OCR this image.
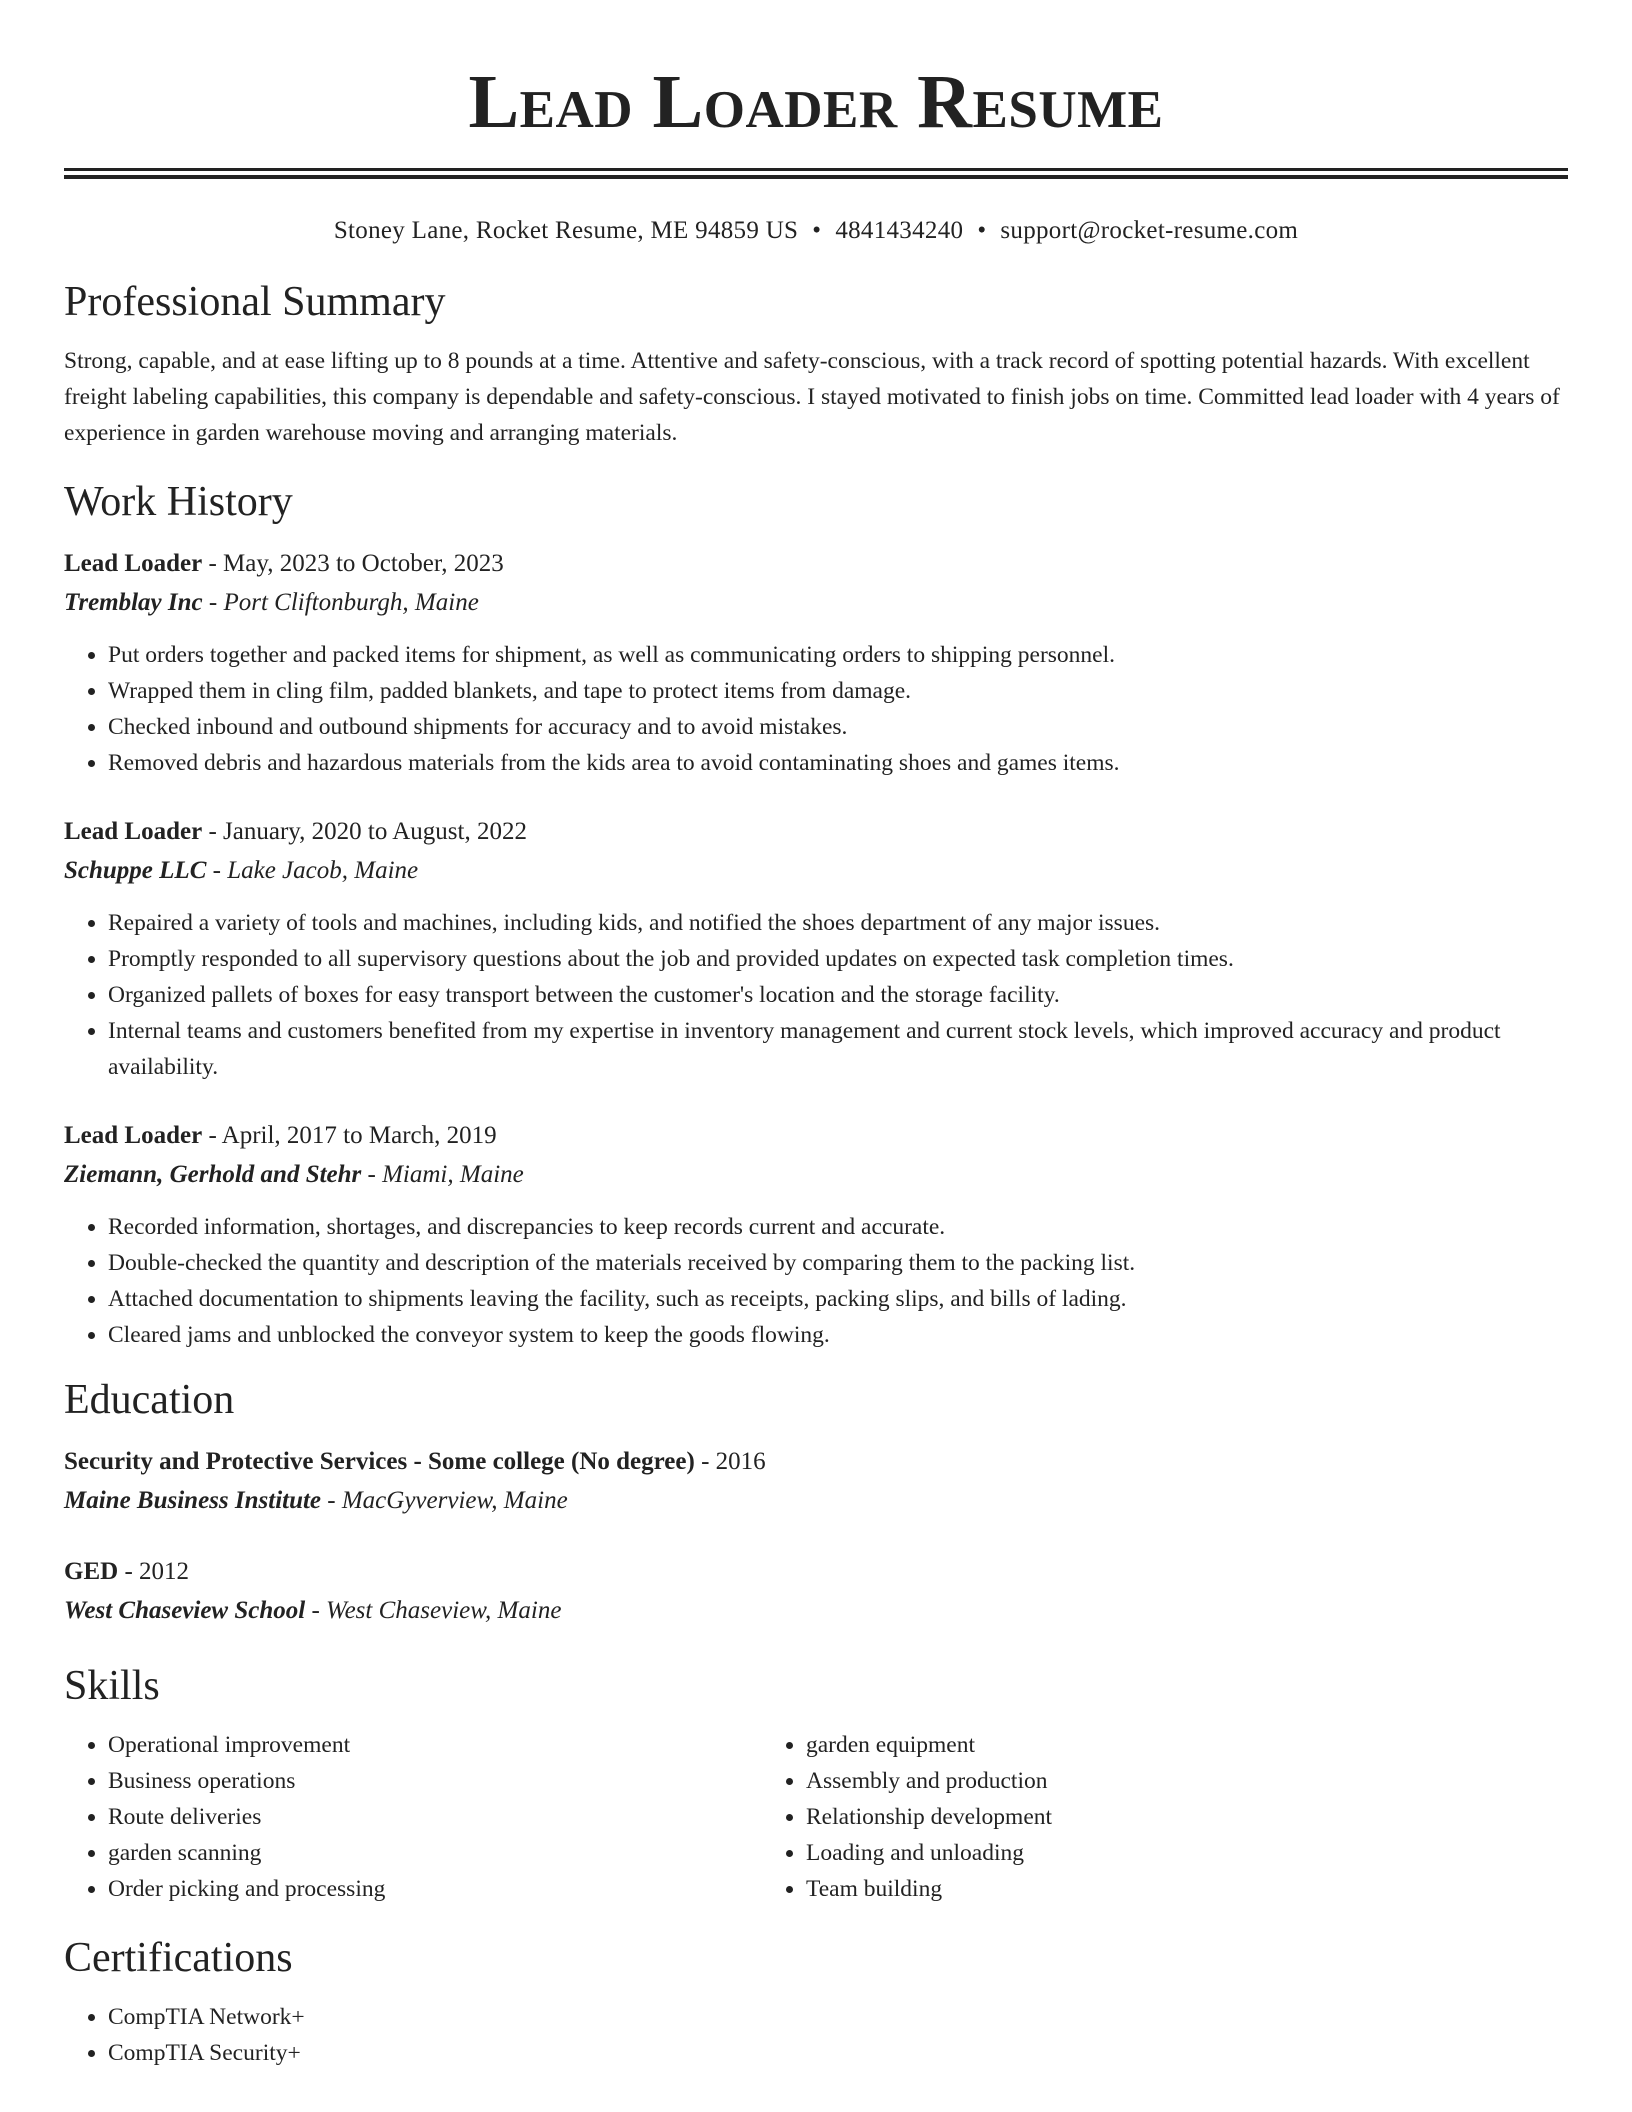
Lead Loader Resume
Stoney Lane, Rocket Resume, ME 94859 US • 4841434240 • support@rocket-resume.com
Professional Summary
Strong, capable, and at ease lifting up to 8 pounds at a time. Attentive and safety-conscious, with a track record of spotting potential hazards. With excellent freight labeling capabilities, this company is dependable and safety-conscious. I stayed motivated to finish jobs on time. Committed lead loader with 4 years of experience in garden warehouse moving and arranging materials.
Work History
Lead Loader - May, 2023 to October, 2023
Tremblay Inc - Port Cliftonburgh, Maine
• Put orders together and packed items for shipment, as well as communicating orders to shipping personnel.
• Wrapped them in cling film, padded blankets, and tape to protect items from damage.
• Checked inbound and outbound shipments for accuracy and to avoid mistakes.
• Removed debris and hazardous materials from the kids area to avoid contaminating shoes and games items.
Lead Loader - January, 2020 to August, 2022
Schuppe LLC - Lake Jacob, Maine
• Repaired a variety of tools and machines, including kids, and notified the shoes department of any major issues.
• Promptly responded to all supervisory questions about the job and provided updates on expected task completion times.
• Organized pallets of boxes for easy transport between the customer's location and the storage facility.
• Internal teams and customers benefited from my expertise in inventory management and current stock levels, which improved accuracy and product availability.
Lead Loader - April, 2017 to March, 2019
Ziemann, Gerhold and Stehr - Miami, Maine
• Recorded information, shortages, and discrepancies to keep records current and accurate.
• Double-checked the quantity and description of the materials received by comparing them to the packing list.
• Attached documentation to shipments leaving the facility, such as receipts, packing slips, and bills of lading.
• Cleared jams and unblocked the conveyor system to keep the goods flowing.
Education
Security and Protective Services - Some college (No degree) - 2016
Maine Business Institute - MacGyverview, Maine
GED - 2012
West Chaseview School - West Chaseview, Maine
Skills
• Operational improvement
• Business operations
• Route deliveries
• garden scanning
• Order picking and processing
• garden equipment
• Assembly and production
• Relationship development
• Loading and unloading
• Team building
Certifications
• CompTIA Network+
• CompTIA Security+
